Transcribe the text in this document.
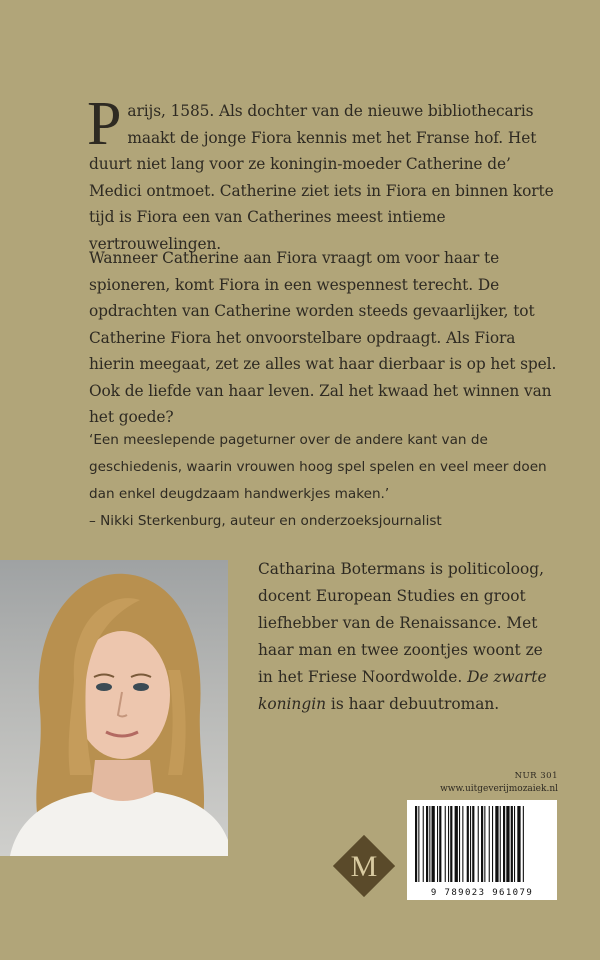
Parijs, 1585. Als dochter van de nieuwe bibliothecaris maakt de jonge Fiora kennis met het Franse hof. Het duurt niet lang voor ze koningin-moeder Catherine de’ Medici ontmoet. Catherine ziet iets in Fiora en binnen korte tijd is Fiora een van Catherines meest intieme vertrouwelingen.
Wanneer Catherine aan Fiora vraagt om voor haar te spioneren, komt Fiora in een wespennest terecht. De opdrachten van Catherine worden steeds gevaarlijker, tot Catherine Fiora het onvoorstelbare opdraagt. Als Fiora hierin meegaat, zet ze alles wat haar dierbaar is op het spel. Ook de liefde van haar leven. Zal het kwaad het winnen van het goede?
‘Een meeslepende pageturner over de andere kant van de geschiedenis, waarin vrouwen hoog spel spelen en veel meer doen dan enkel deugdzaam handwerkjes maken.’
– Nikki Sterkenburg, auteur en onderzoeksjournalist
Catharina Botermans is politicoloog, docent European Studies en groot liefhebber van de Renaissance. Met haar man en twee zoontjes woont ze in het Friese Noordwolde. De zwarte koningin is haar debuutroman.
NUR 301
www.uitgeverijmozaiek.nl
M
9 789023 961079
